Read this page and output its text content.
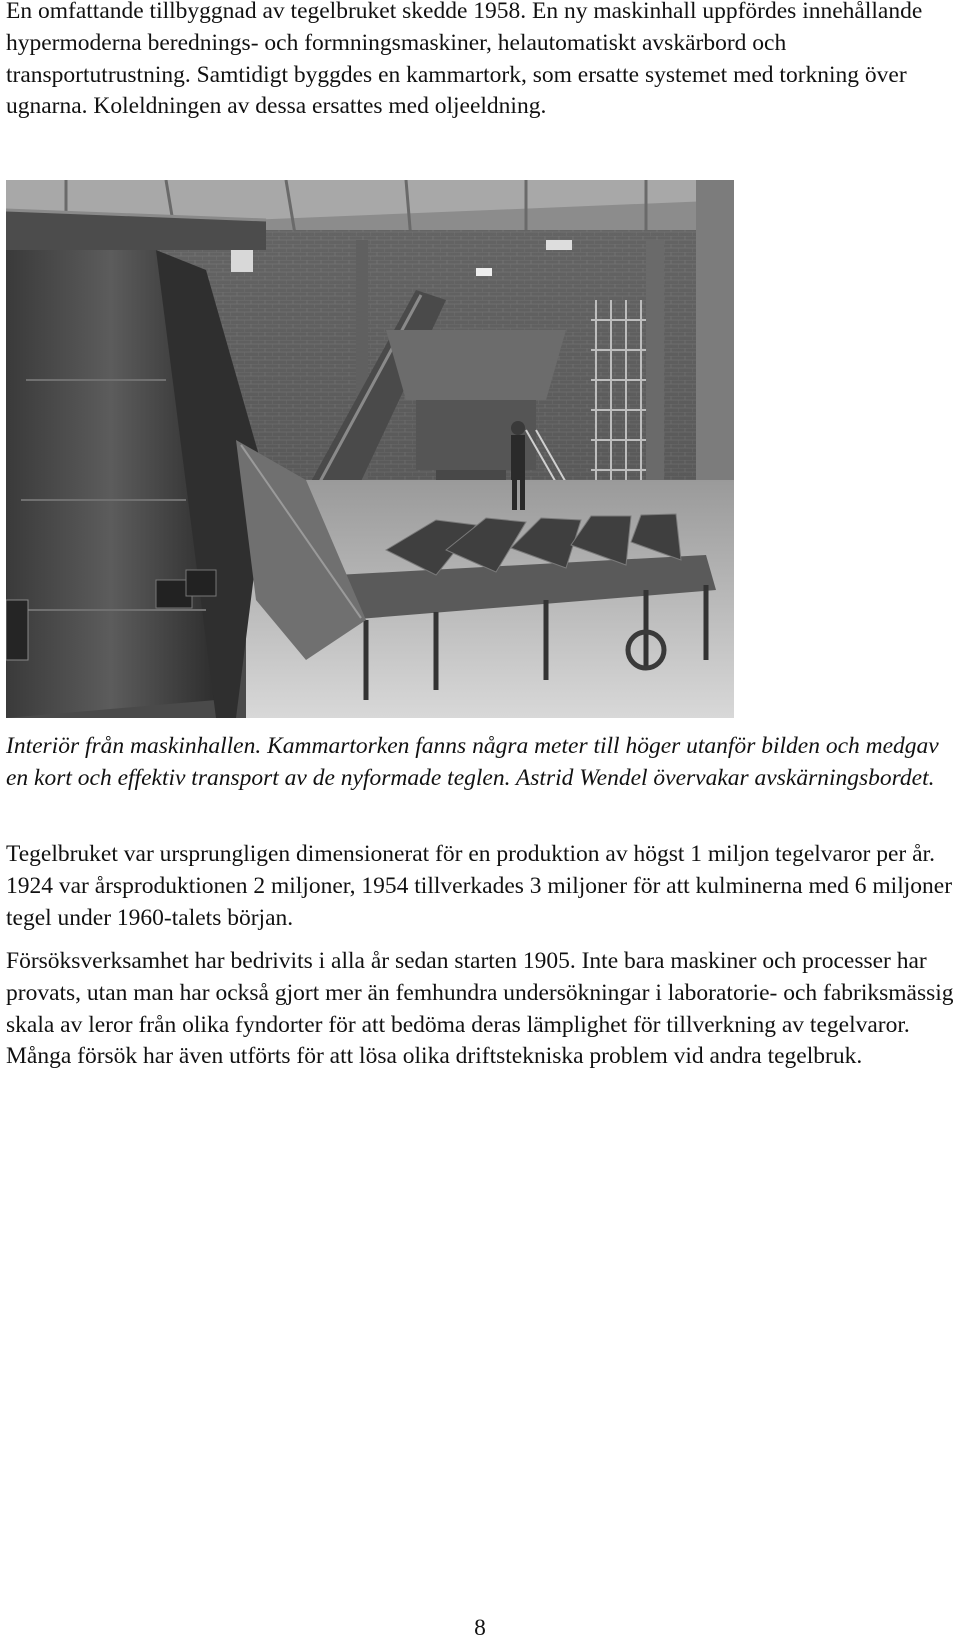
En omfattande tillbyggnad av tegelbruket skedde 1958. En ny maskinhall uppfördes innehållande hypermoderna berednings- och formningsmaskiner, helautomatiskt avskärbord och transportutrustning. Samtidigt byggdes en kammartork, som ersatte systemet med torkning över ugnarna. Koleldningen av dessa ersattes med oljeeldning.

Interiör från maskinhallen. Kammartorken fanns några meter till höger utanför bilden och medgav en kort och effektiv transport av de nyformade teglen. Astrid Wendel övervakar avskärningsbordet.

Tegelbruket var ursprungligen dimensionerat för en produktion av högst 1 miljon tegelvaror per år. 1924 var årsproduktionen 2 miljoner, 1954 tillverkades 3 miljoner för att kulminerna med 6 miljoner tegel under 1960-talets början.

Försöksverksamhet har bedrivits i alla år sedan starten 1905. Inte bara maskiner och processer har provats, utan man har också gjort mer än femhundra undersökningar i laboratorie- och fabriksmässig skala av leror från olika fyndorter för att bedöma deras lämplighet för tillverkning av tegelvaror. Många försök har även utförts för att lösa olika driftstekniska problem vid andra tegelbruk.

8
